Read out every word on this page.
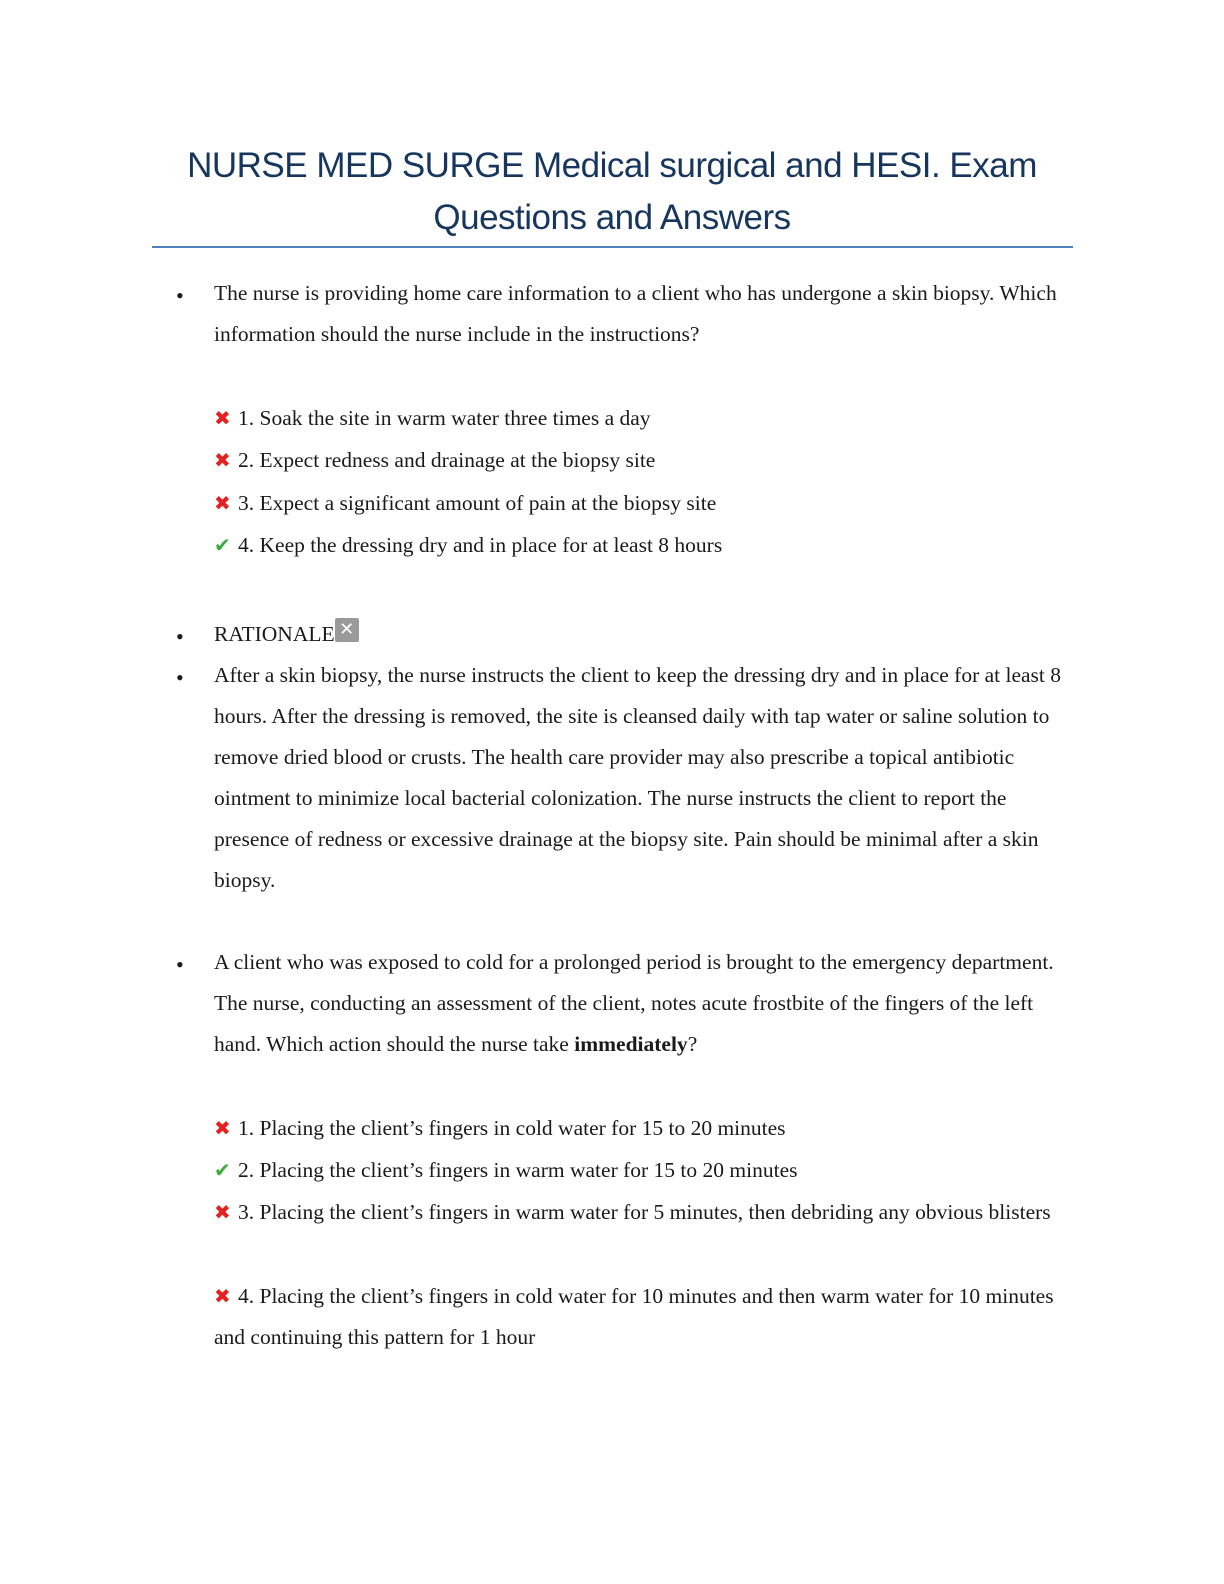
NURSE MED SURGE Medical surgical and HESI. Exam
Questions and Answers
•
The nurse is providing home care information to a client who has undergone a skin biopsy. Which information should the nurse include in the instructions?
✖ 1. Soak the site in warm water three times a day
✖ 2. Expect redness and drainage at the biopsy site
✖ 3. Expect a significant amount of pain at the biopsy site
✔ 4. Keep the dressing dry and in place for at least 8 hours
•
RATIONALE ✕
•
After a skin biopsy, the nurse instructs the client to keep the dressing dry and in place for at least 8 hours. After the dressing is removed, the site is cleansed daily with tap water or saline solution to remove dried blood or crusts. The health care provider may also prescribe a topical antibiotic ointment to minimize local bacterial colonization. The nurse instructs the client to report the presence of redness or excessive drainage at the biopsy site. Pain should be minimal after a skin biopsy.
•
A client who was exposed to cold for a prolonged period is brought to the emergency department. The nurse, conducting an assessment of the client, notes acute frostbite of the fingers of the left hand. Which action should the nurse take immediately?
✖ 1. Placing the client’s fingers in cold water for 15 to 20 minutes
✔ 2. Placing the client’s fingers in warm water for 15 to 20 minutes
✖ 3. Placing the client’s fingers in warm water for 5 minutes, then debriding any obvious blisters
✖ 4. Placing the client’s fingers in cold water for 10 minutes and then warm water for 10 minutes and continuing this pattern for 1 hour
